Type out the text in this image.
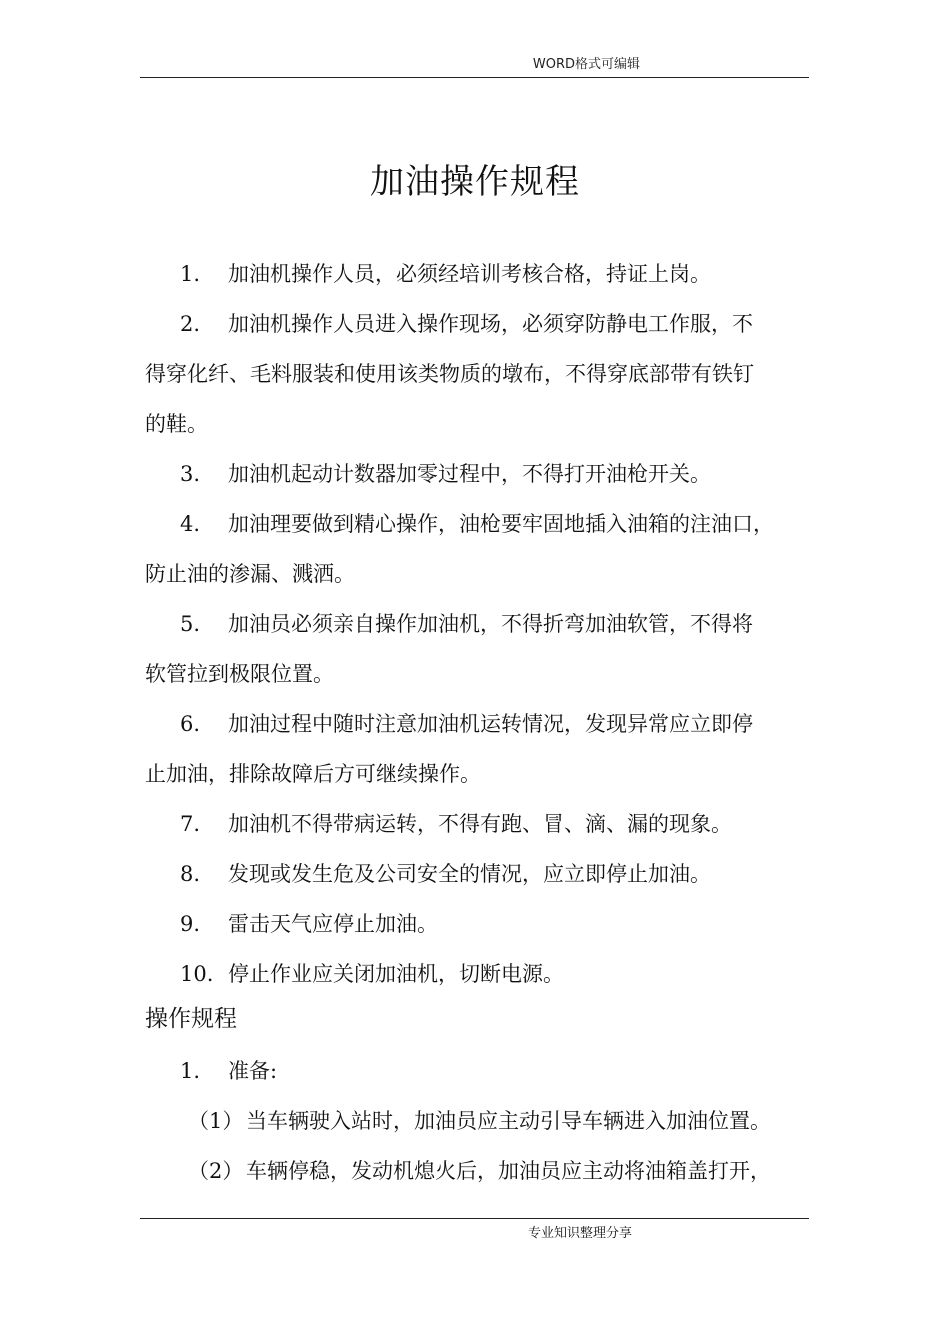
WORD格式可编辑
加油操作规程
1. 加油机操作人员，必须经培训考核合格，持证上岗。
2. 加油机操作人员进入操作现场，必须穿防静电工作服，不
得穿化纤、毛料服装和使用该类物质的墩布，不得穿底部带有铁钉
的鞋。
3. 加油机起动计数器加零过程中，不得打开油枪开关。
4. 加油理要做到精心操作，油枪要牢固地插入油箱的注油口，
防止油的渗漏、溅洒。
5. 加油员必须亲自操作加油机，不得折弯加油软管，不得将
软管拉到极限位置。
6. 加油过程中随时注意加油机运转情况，发现异常应立即停
止加油，排除故障后方可继续操作。
7. 加油机不得带病运转，不得有跑、冒、滴、漏的现象。
8. 发现或发生危及公司安全的情况，应立即停止加油。
9. 雷击天气应停止加油。
10. 停止作业应关闭加油机，切断电源。
操作规程
1. 准备:
（1） 当车辆驶入站时，加油员应主动引导车辆进入加油位置。
（2） 车辆停稳，发动机熄火后，加油员应主动将油箱盖打开，
专业知识整理分享
